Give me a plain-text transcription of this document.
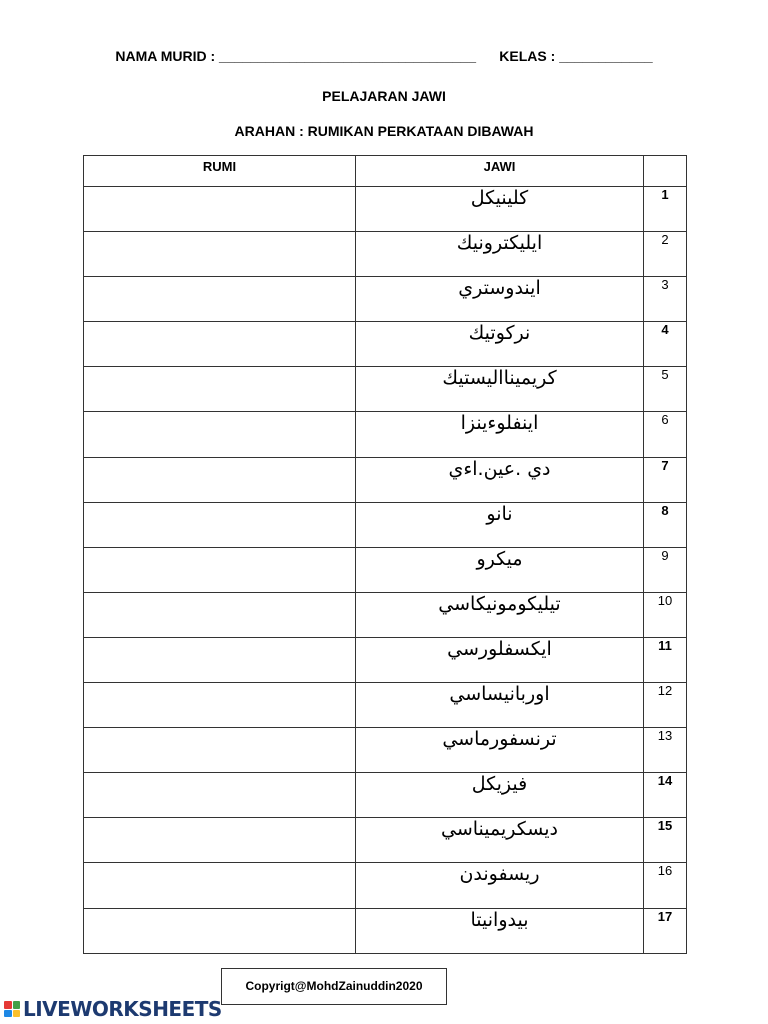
NAMA MURID : _________________________________      KELAS : ____________
PELAJARAN JAWI
ARAHAN : RUMIKAN PERKATAAN DIBAWAH
RUMI	JAWI	
	كلينيكل	1
	ايليكترونيك	2
	ايندوستري	3
	نركوتيك	4
	كريمينااليستيك	5
	اينفلوءينزا	6
	دي .عين.اءي	7
	نانو	8
	ميكرو	9
	تيليكومونيكاسي	10
	ايكسفلورسي	11
	اوربانيساسي	12
	ترنسفورماسي	13
	فيزيكل	14
	ديسكريميناسي	15
	ريسفوندن	16
	بيدوانيتا	17
Copyrigt@MohdZainuddin2020
LIVEWORKSHEETS
